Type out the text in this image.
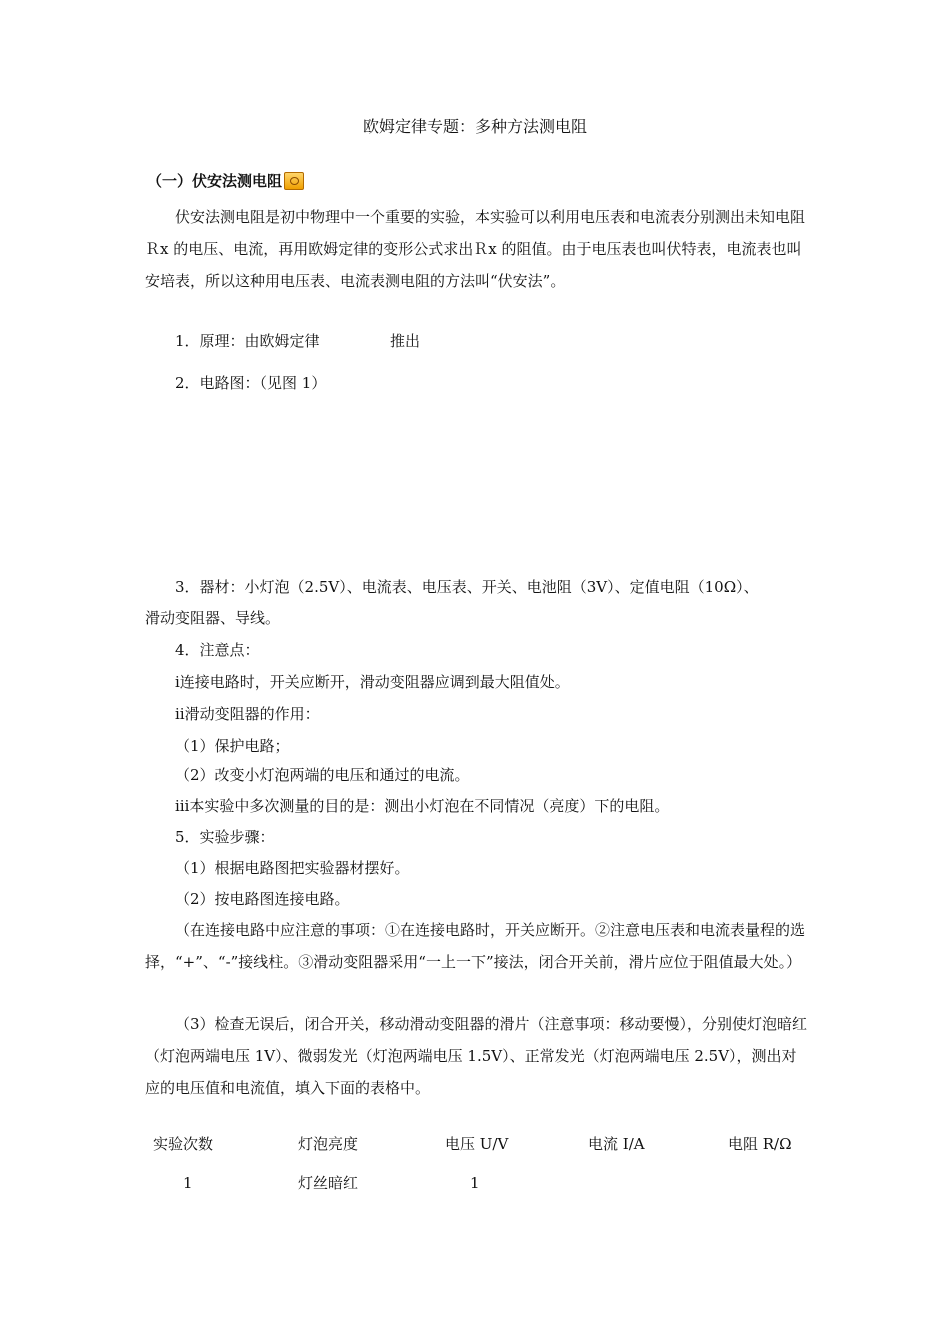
欧姆定律专题：多种方法测电阻
（一）伏安法测电阻
伏安法测电阻是初中物理中一个重要的实验，本实验可以利用电压表和电流表分别测出未知电阻Ｒx 的电压、电流，再用欧姆定律的变形公式求出Ｒx 的阻值。由于电压表也叫伏特表，电流表也叫安培表，所以这种用电压表、电流表测电阻的方法叫“伏安法”。
1．原理：由欧姆定律	推出
2．电路图：（见图 1）
3．器材：小灯泡（2.5V）、电流表、电压表、开关、电池阻（3V）、定值电阻（10Ω）、
滑动变阻器、导线。
4．注意点：
ⅰ连接电路时，开关应断开，滑动变阻器应调到最大阻值处。
ⅱ滑动变阻器的作用：
（1）保护电路；
（2）改变小灯泡两端的电压和通过的电流。
ⅲ本实验中多次测量的目的是：测出小灯泡在不同情况（亮度）下的电阻。
5．实验步骤：
（1）根据电路图把实验器材摆好。
（2）按电路图连接电路。
（在连接电路中应注意的事项：①在连接电路时，开关应断开。②注意电压表和电流表量程的选择，“+”、“-”接线柱。③滑动变阻器采用“一上一下”接法，闭合开关前，滑片应位于阻值最大处。）
（3）检查无误后，闭合开关，移动滑动变阻器的滑片（注意事项：移动要慢），分别使灯泡暗红（灯泡两端电压 1V）、微弱发光（灯泡两端电压 1.5V）、正常发光（灯泡两端电压 2.5V），测出对应的电压值和电流值，填入下面的表格中。
实验次数	灯泡亮度	电压 U/V	电流 I/A	电阻 R/Ω
1	灯丝暗红	1
